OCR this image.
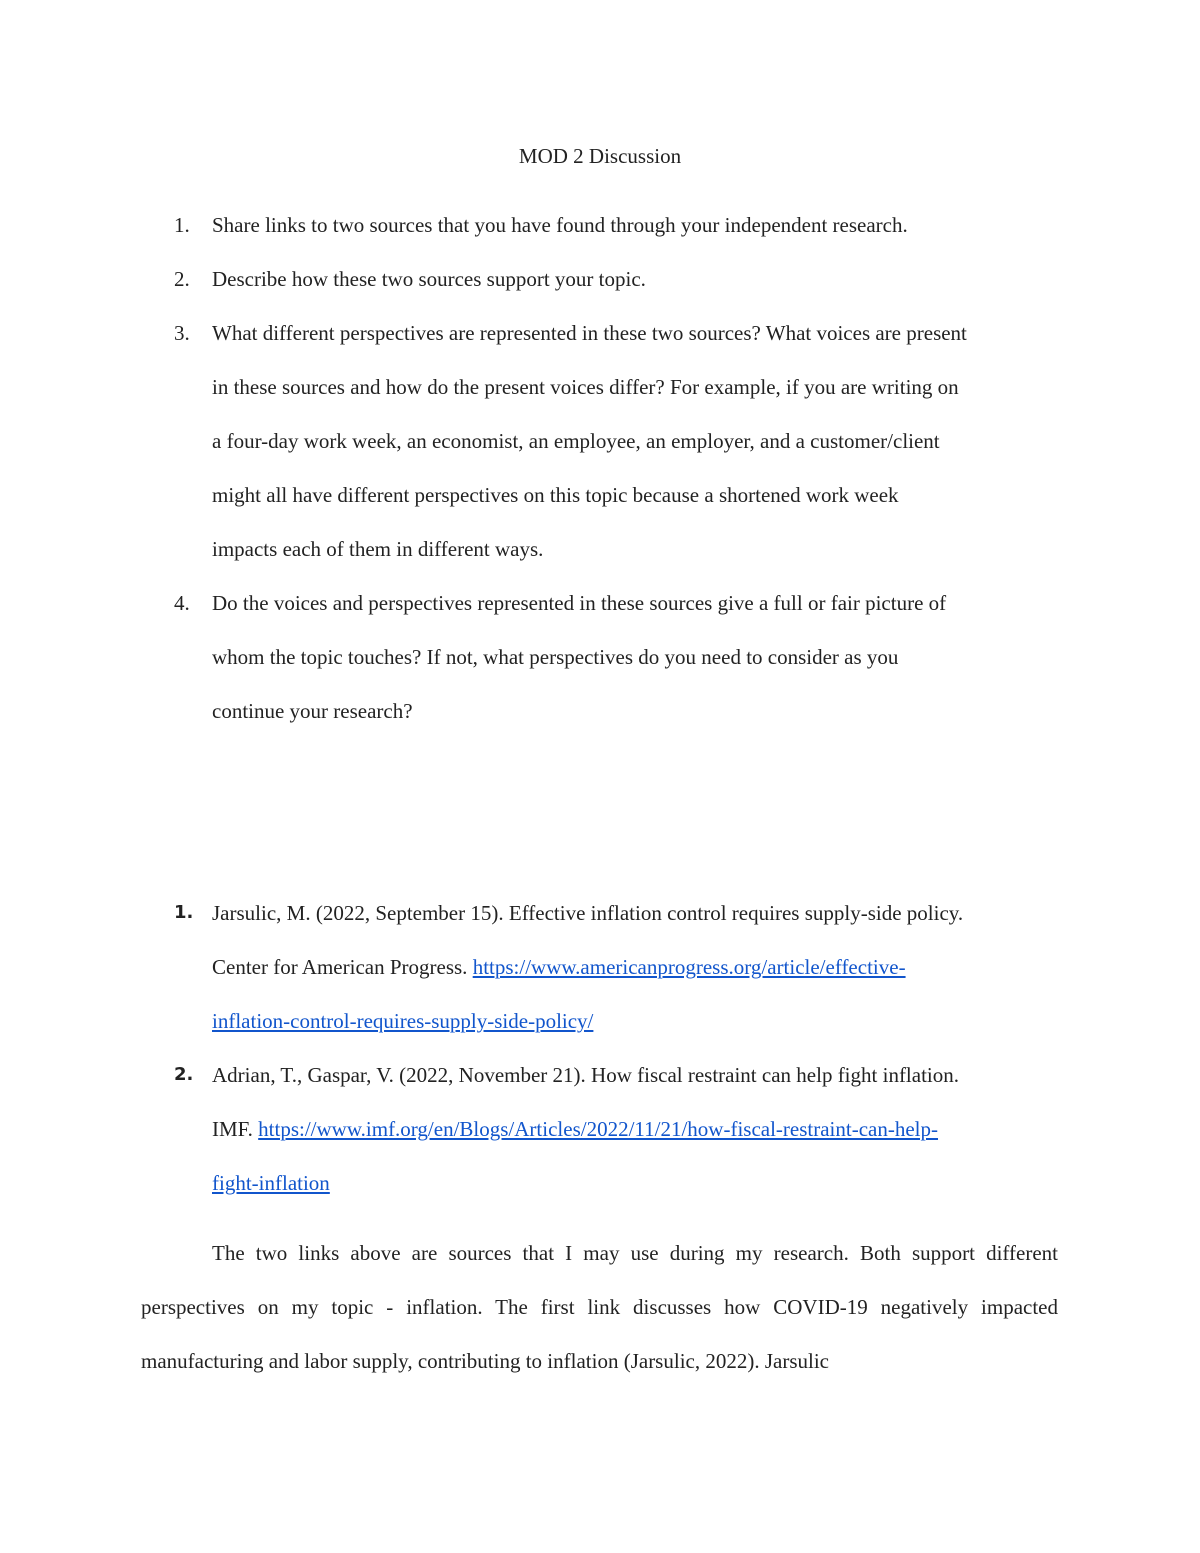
MOD 2 Discussion
1.	Share links to two sources that you have found through your independent research.
2.	Describe how these two sources support your topic.
3.	What different perspectives are represented in these two sources? What voices are present
in these sources and how do the present voices differ? For example, if you are writing on
a four-day work week, an economist, an employee, an employer, and a customer/client
might all have different perspectives on this topic because a shortened work week
impacts each of them in different ways.
4.	Do the voices and perspectives represented in these sources give a full or fair picture of
whom the topic touches? If not, what perspectives do you need to consider as you
continue your research?
1. Jarsulic, M. (2022, September 15). Effective inflation control requires supply-side policy.
Center for American Progress. https://www.americanprogress.org/article/effective-
inflation-control-requires-supply-side-policy/
2. Adrian, T., Gaspar, V. (2022, November 21). How fiscal restraint can help fight inflation.
IMF. https://www.imf.org/en/Blogs/Articles/2022/11/21/how-fiscal-restraint-can-help-
fight-inflation
The two links above are sources that I may use during my research. Both support different perspectives on my topic - inflation. The first link discusses how COVID-19 negatively impacted manufacturing and labor supply, contributing to inflation (Jarsulic, 2022). Jarsulic
